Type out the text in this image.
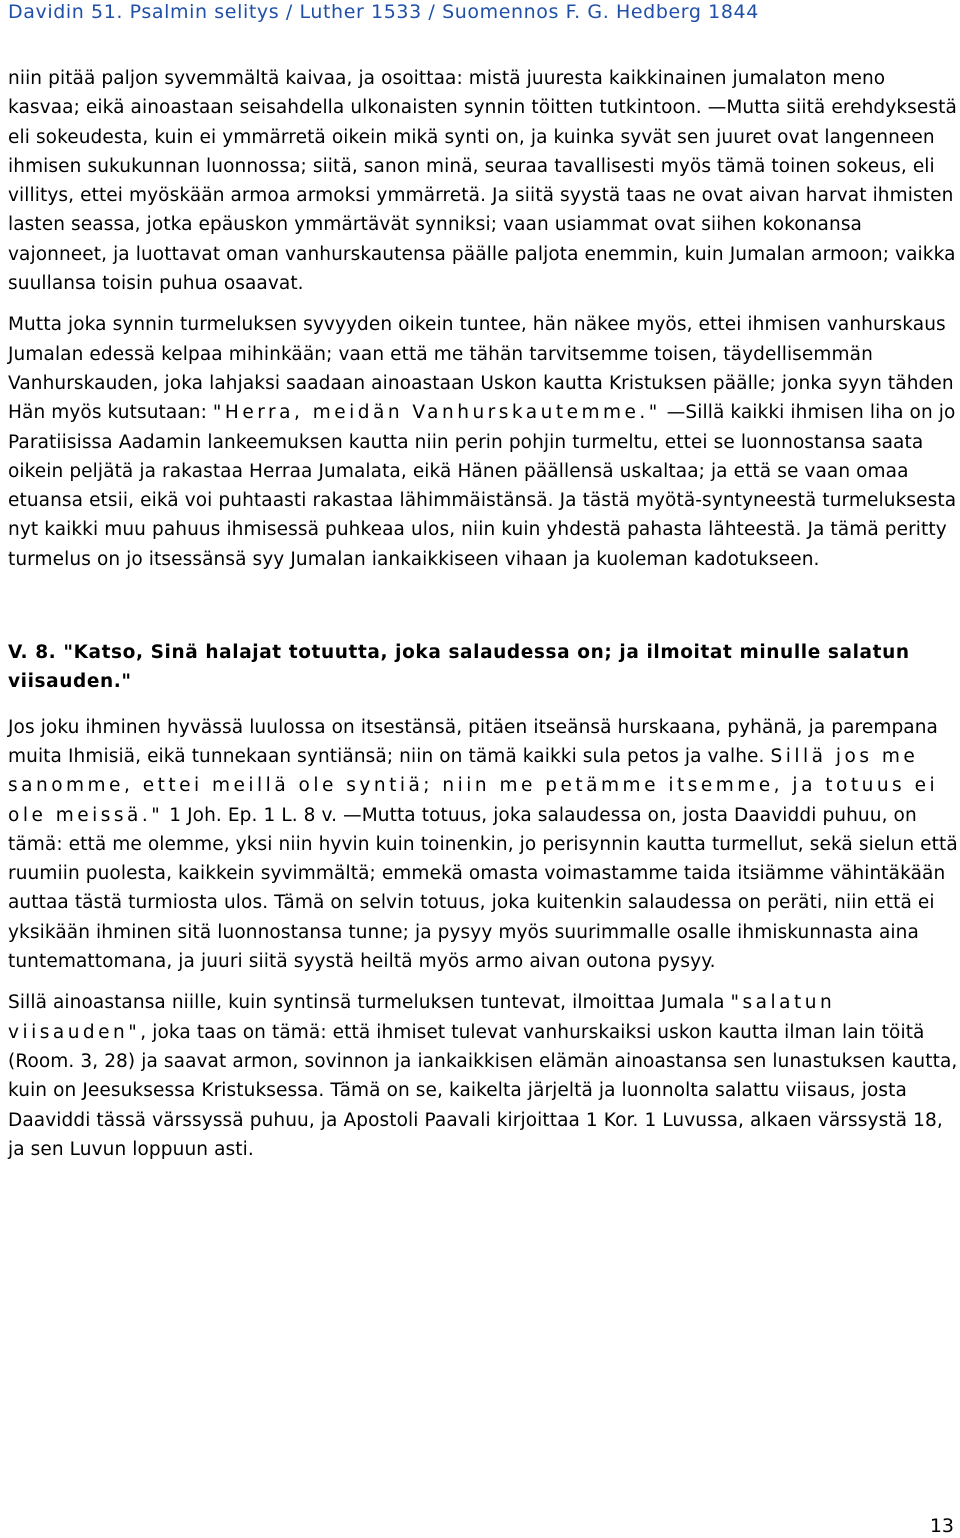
Davidin 51. Psalmin selitys / Luther 1533 / Suomennos F. G. Hedberg 1844

niin pitää paljon syvemmältä kaivaa, ja osoittaa: mistä juuresta kaikkinainen jumalaton meno kasvaa; eikä ainoastaan seisahdella ulkonaisten synnin töitten tutkintoon. —Mutta siitä erehdyksestä eli sokeudesta, kuin ei ymmärretä oikein mikä synti on, ja kuinka syvät sen juuret ovat langenneen ihmisen sukukunnan luonnossa; siitä, sanon minä, seuraa tavallisesti myös tämä toinen sokeus, eli villitys, ettei myöskään armoa armoksi ymmärretä. Ja siitä syystä taas ne ovat aivan harvat ihmisten lasten seassa, jotka epäuskon ymmärtävät synniksi; vaan usiammat ovat siihen kokonansa vajonneet, ja luottavat oman vanhurskautensa päälle paljota enemmin, kuin Jumalan armoon; vaikka suullansa toisin puhua osaavat.

Mutta joka synnin turmeluksen syvyyden oikein tuntee, hän näkee myös, ettei ihmisen vanhurskaus Jumalan edessä kelpaa mihinkään; vaan että me tähän tarvitsemme toisen, täydellisemmän Vanhurskauden, joka lahjaksi saadaan ainoastaan Uskon kautta Kristuksen päälle; jonka syyn tähden Hän myös kutsutaan: "Herra, meidän Vanhurskautemme." —Sillä kaikki ihmisen liha on jo Paratiisissa Aadamin lankeemuksen kautta niin perin pohjin turmeltu, ettei se luonnostansa saata oikein peljätä ja rakastaa Herraa Jumalata, eikä Hänen päällensä uskaltaa; ja että se vaan omaa etuansa etsii, eikä voi puhtaasti rakastaa lähimmäistänsä. Ja tästä myötä-syntyneestä turmeluksesta nyt kaikki muu pahuus ihmisessä puhkeaa ulos, niin kuin yhdestä pahasta lähteestä. Ja tämä peritty turmelus on jo itsessänsä syy Jumalan iankaikkiseen vihaan ja kuoleman kadotukseen.

V. 8. "Katso, Sinä halajat totuutta, joka salaudessa on; ja ilmoitat minulle salatun viisauden."

Jos joku ihminen hyvässä luulossa on itsestänsä, pitäen itseänsä hurskaana, pyhänä, ja parempana muita Ihmisiä, eikä tunnekaan syntiänsä; niin on tämä kaikki sula petos ja valhe. Sillä jos me sanomme, ettei meillä ole syntiä; niin me petämme itsemme, ja totuus ei ole meissä." 1 Joh. Ep. 1 L. 8 v. —Mutta totuus, joka salaudessa on, josta Daaviddi puhuu, on tämä: että me olemme, yksi niin hyvin kuin toinenkin, jo perisynnin kautta turmellut, sekä sielun että ruumiin puolesta, kaikkein syvimmältä; emmekä omasta voimastamme taida itsiämme vähintäkään auttaa tästä turmiosta ulos. Tämä on selvin totuus, joka kuitenkin salaudessa on peräti, niin että ei yksikään ihminen sitä luonnostansa tunne; ja pysyy myös suurimmalle osalle ihmiskunnasta aina tuntemattomana, ja juuri siitä syystä heiltä myös armo aivan outona pysyy.

Sillä ainoastansa niille, kuin syntinsä turmeluksen tuntevat, ilmoittaa Jumala "salatun viisauden", joka taas on tämä: että ihmiset tulevat vanhurskaiksi uskon kautta ilman lain töitä (Room. 3, 28) ja saavat armon, sovinnon ja iankaikkisen elämän ainoastansa sen lunastuksen kautta, kuin on Jeesuksessa Kristuksessa. Tämä on se, kaikelta järjeltä ja luonnolta salattu viisaus, josta Daaviddi tässä värssyssä puhuu, ja Apostoli Paavali kirjoittaa 1 Kor. 1 Luvussa, alkaen värssystä 18, ja sen Luvun loppuun asti.

13
